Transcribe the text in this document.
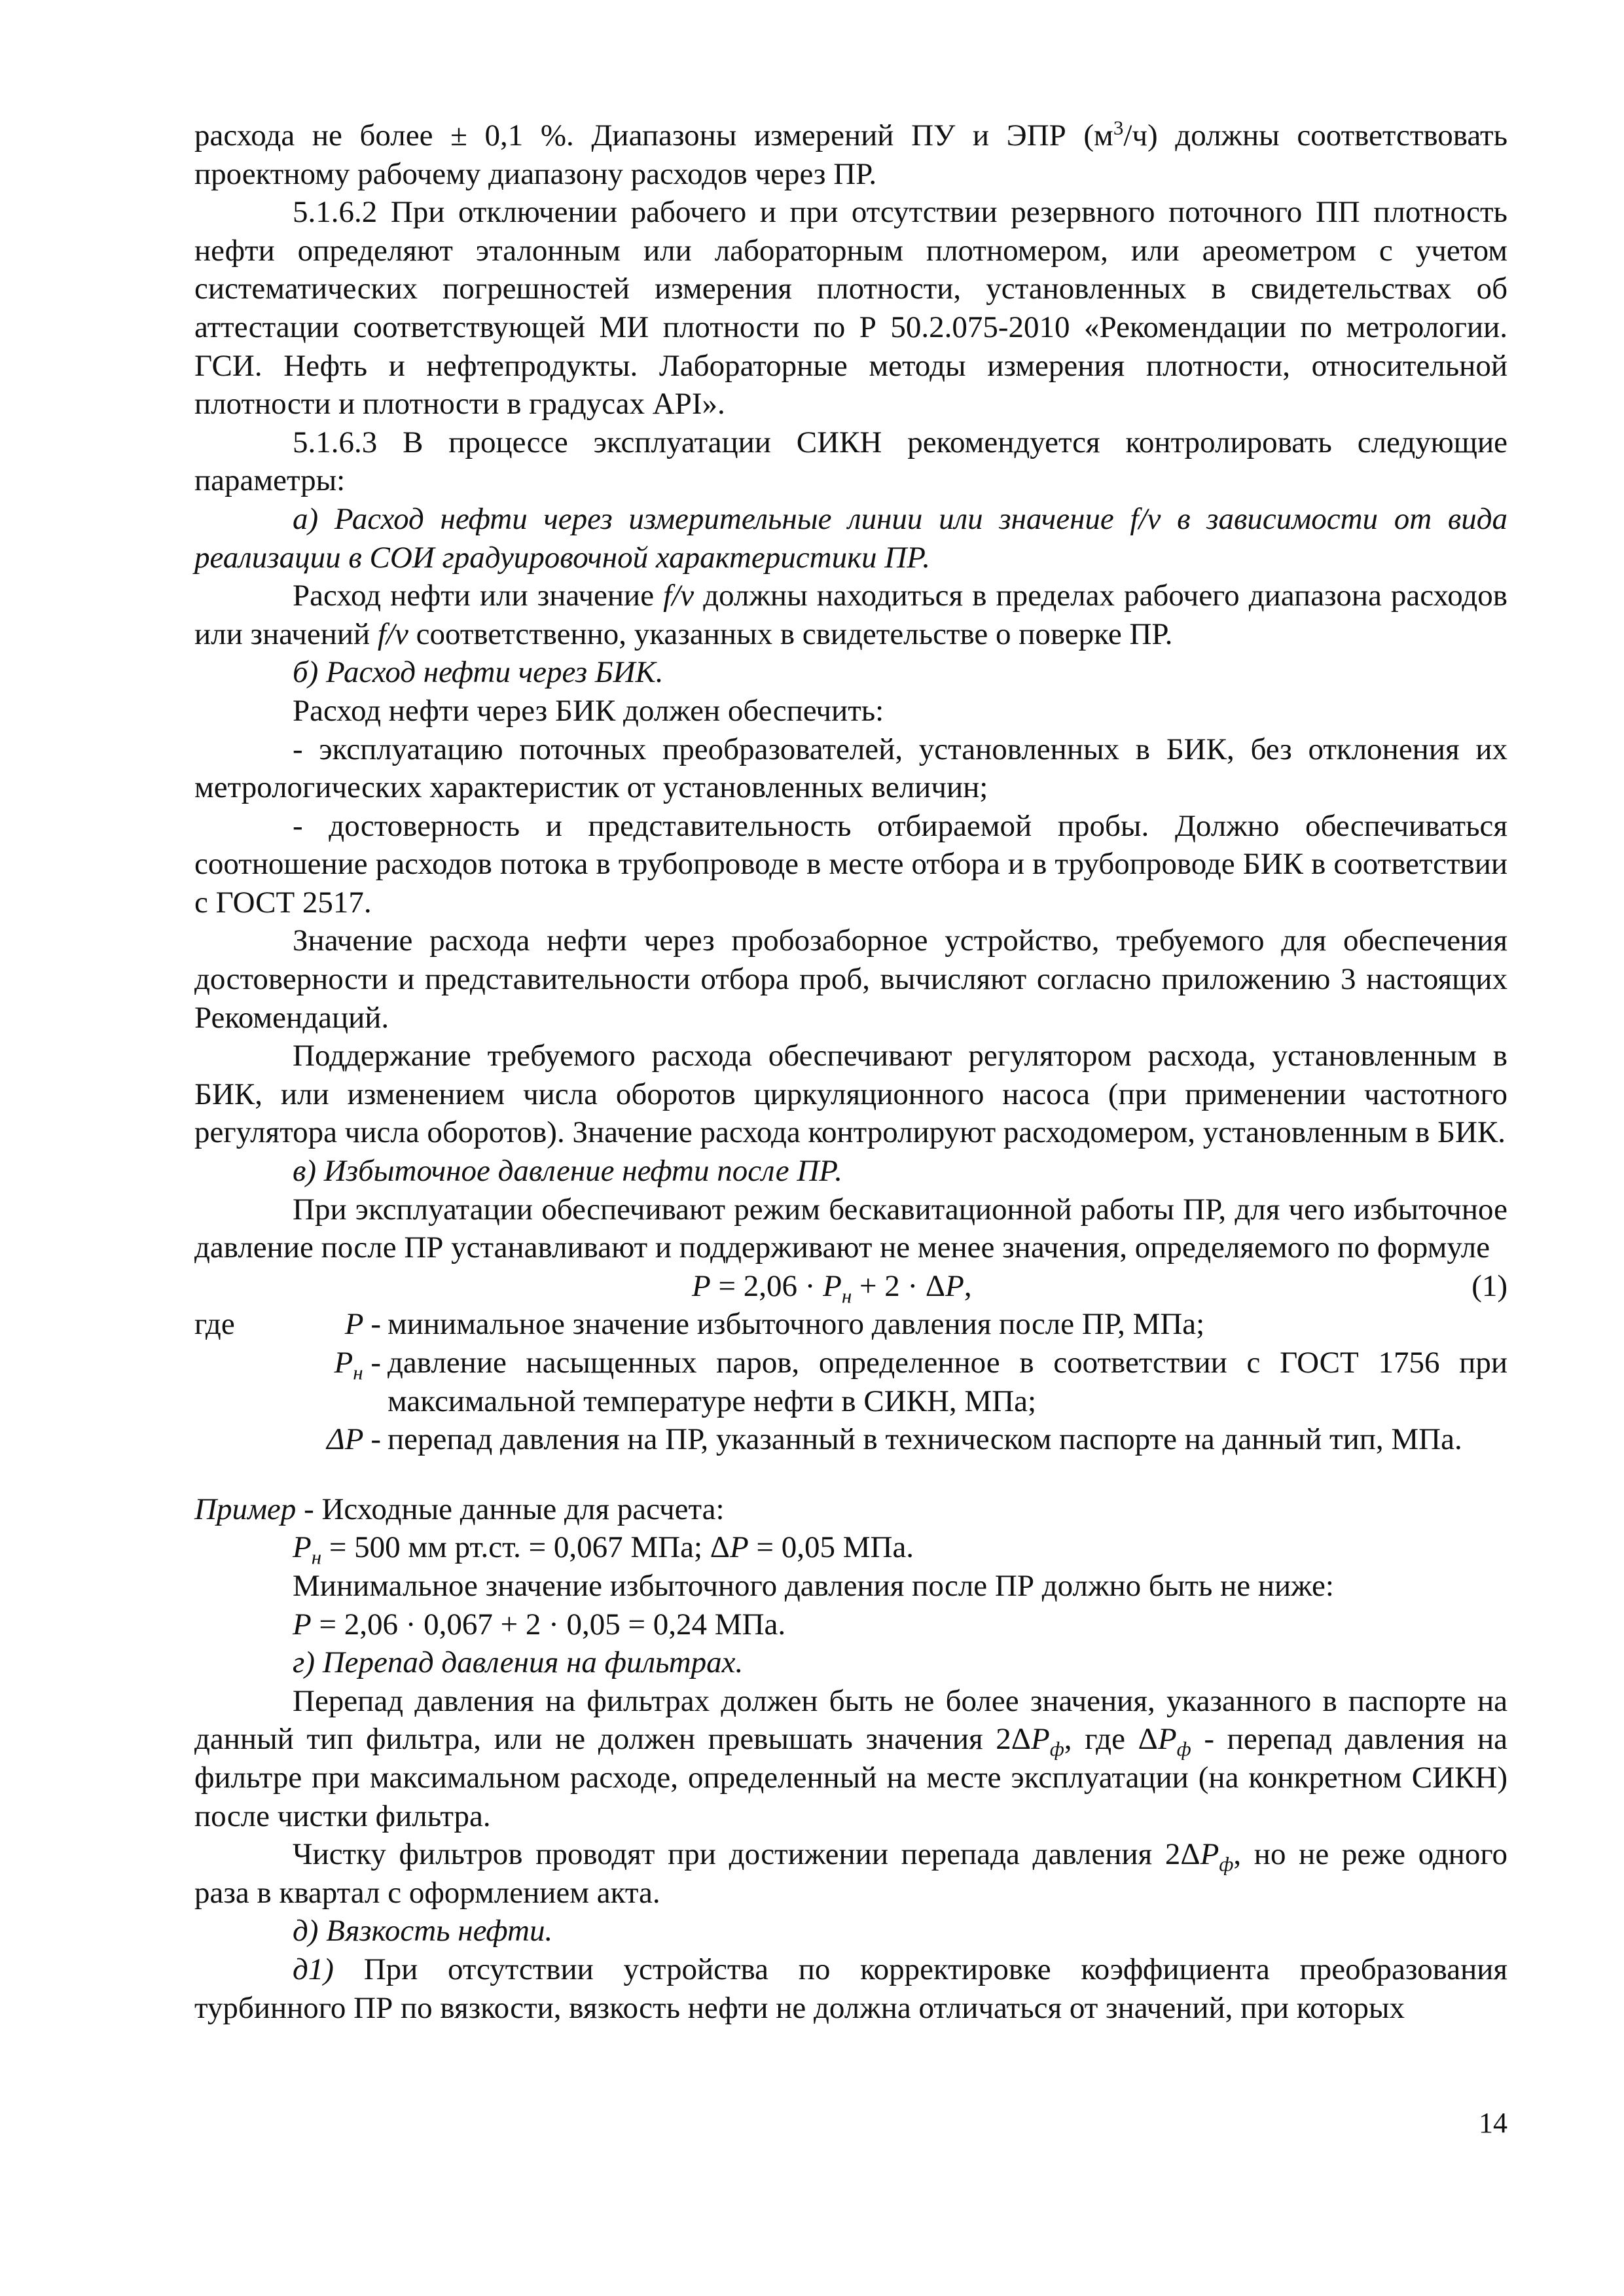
расхода не более ± 0,1 %. Диапазоны измерений ПУ и ЭПР $(м^3/ч)$ должны соответствовать проектному рабочему диапазону расходов через ПР.

5.1.6.2 При отключении рабочего и при отсутствии резервного поточного ПП плотность нефти определяют эталонным или лабораторным плотномером, или ареометром с учетом систематических погрешностей измерения плотности, установленных в свидетельствах об аттестации соответствующей МИ плотности по Р 50.2.075-2010 «Рекомендации по метрологии. ГСИ. Нефть и нефтепродукты. Лабораторные методы измерения плотности, относительной плотности и плотности в градусах API».

5.1.6.3 В процессе эксплуатации СИКН рекомендуется контролировать следующие параметры:

а) Расход нефти через измерительные линии или значение f/v в зависимости от вида реализации в СОИ градуировочной характеристики ПР.

Расход нефти или значение f/v должны находиться в пределах рабочего диапазона расходов или значений f/v соответственно, указанных в свидетельстве о поверке ПР.

б) Расход нефти через БИК.

Расход нефти через БИК должен обеспечить:

- эксплуатацию поточных преобразователей, установленных в БИК, без отклонения их метрологических характеристик от установленных величин;

- достоверность и представительность отбираемой пробы. Должно обеспечиваться соотношение расходов потока в трубопроводе в месте отбора и в трубопроводе БИК в соответствии с ГОСТ 2517.

Значение расхода нефти через пробозаборное устройство, требуемого для обеспечения достоверности и представительности отбора проб, вычисляют согласно приложению 3 настоящих Рекомендаций.

Поддержание требуемого расхода обеспечивают регулятором расхода, установленным в БИК, или изменением числа оборотов циркуляционного насоса (при применении частотного регулятора числа оборотов). Значение расхода контролируют расходомером, установленным в БИК.

в) Избыточное давление нефти после ПР.

При эксплуатации обеспечивают режим бескавитационной работы ПР, для чего избыточное давление после ПР устанавливают и поддерживают не менее значения, определяемого по формуле

$P = 2,06 \cdot P_н + 2 \cdot \Delta P$,	(1)
где	P - минимальное значение избыточного давления после ПР, МПа;
$P_н$ - давление насыщенных паров, определенное в соответствии с ГОСТ 1756 при максимальной температуре нефти в СИКН, МПа;
ΔP - перепад давления на ПР, указанный в техническом паспорте на данный тип, МПа.

Пример - Исходные данные для расчета:

$P_н = 500$ мм рт.ст. = 0,067 МПа; ΔP = 0,05 МПа.

Минимальное значение избыточного давления после ПР должно быть не ниже:

P = 2,06 · 0,067 + 2 · 0,05 = 0,24 МПа.

г) Перепад давления на фильтрах.

Перепад давления на фильтрах должен быть не более значения, указанного в паспорте на данный тип фильтра, или не должен превышать значения $2\Delta P_ф$, где $\Delta P_ф$ - перепад давления на фильтре при максимальном расходе, определенный на месте эксплуатации (на конкретном СИКН) после чистки фильтра.

Чистку фильтров проводят при достижении перепада давления $2\Delta P_ф$, но не реже одного раза в квартал с оформлением акта.

д) Вязкость нефти.

д1) При отсутствии устройства по корректировке коэффициента преобразования турбинного ПР по вязкости, вязкость нефти не должна отличаться от значений, при которых

14
